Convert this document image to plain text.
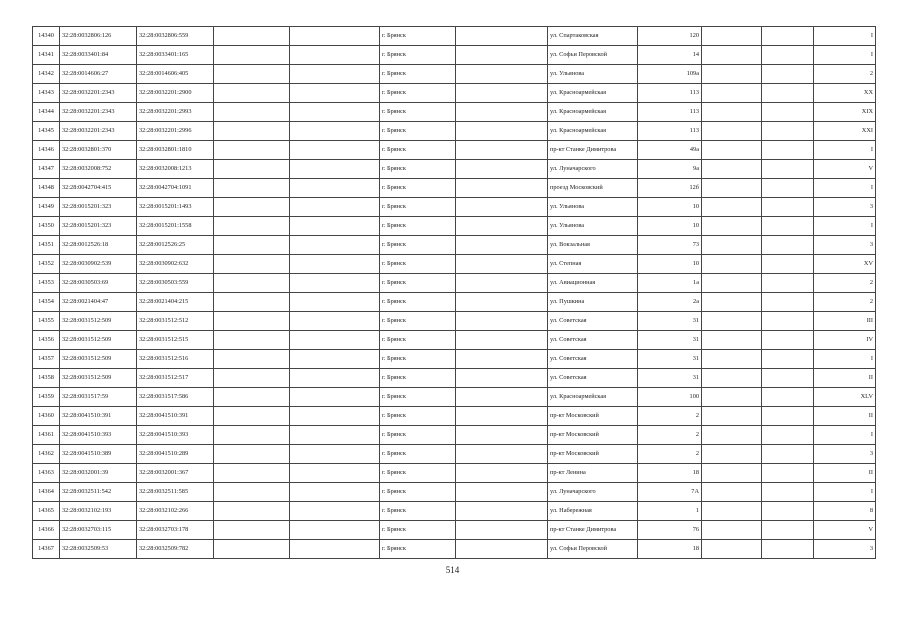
14340	32:28:0032806:126	32:28:0032806:559			г. Брянск		ул. Спартаковская	120			I
14341	32:28:0033401:84	32:28:0033401:165			г. Брянск		ул. Софьи Перовской	14			I
14342	32:28:0014606:27	32:28:0014606:405			г. Брянск		ул. Ульянова	109а			2
14343	32:28:0032201:2343	32:28:0032201:2900			г. Брянск		ул. Красноармейская	113			XX
14344	32:28:0032201:2343	32:28:0032201:2993			г. Брянск		ул. Красноармейская	113			XIX
14345	32:28:0032201:2343	32:28:0032201:2996			г. Брянск		ул. Красноармейская	113			XXI
14346	32:28:0032801:370	32:28:0032801:1810			г. Брянск		пр-кт Станке Димитрова	49а			I
14347	32:28:0032008:752	32:28:0032008:1213			г. Брянск		ул. Луначарского	9а			V
14348	32:28:0042704:415	32:28:0042704:1091			г. Брянск		проезд Московский	12б			I
14349	32:28:0015201:323	32:28:0015201:1493			г. Брянск		ул. Ульянова	10			3
14350	32:28:0015201:323	32:28:0015201:1558			г. Брянск		ул. Ульянова	10			I
14351	32:28:0012526:18	32:28:0012526:25			г. Брянск		ул. Вокзальная	73			3
14352	32:28:0030902:539	32:28:0030902:632			г. Брянск		ул. Степная	10			XV
14353	32:28:0030503:69	32:28:0030503:559			г. Брянск		ул. Авиационная	1а			2
14354	32:28:0021404:47	32:28:0021404:215			г. Брянск		ул. Пушкина	2а			2
14355	32:28:0031512:509	32:28:0031512:512			г. Брянск		ул. Советская	31			III
14356	32:28:0031512:509	32:28:0031512:515			г. Брянск		ул. Советская	31			IV
14357	32:28:0031512:509	32:28:0031512:516			г. Брянск		ул. Советская	31			I
14358	32:28:0031512:509	32:28:0031512:517			г. Брянск		ул. Советская	31			II
14359	32:28:0031517:59	32:28:0031517:586			г. Брянск		ул. Красноармейская	100			XLV
14360	32:28:0041510:391	32:28:0041510:391			г. Брянск		пр-кт Московский	2			II
14361	32:28:0041510:393	32:28:0041510:393			г. Брянск		пр-кт Московский	2			I
14362	32:28:0041510:389	32:28:0041510:289			г. Брянск		пр-кт Московский	2			3
14363	32:28:0032001:39	32:28:0032001:367			г. Брянск		пр-кт Ленина	18			II
14364	32:28:0032511:542	32:28:0032511:585			г. Брянск		ул. Луначарского	7А			I
14365	32:28:0032102:193	32:28:0032102:266			г. Брянск		ул. Набережная	1			8
14366	32:28:0032703:115	32:28:0032703:178			г. Брянск		пр-кт Станке Димитрова	76			V
14367	32:28:0032509:53	32:28:0032509:782			г. Брянск		ул. Софьи Перовской	18			3
514
